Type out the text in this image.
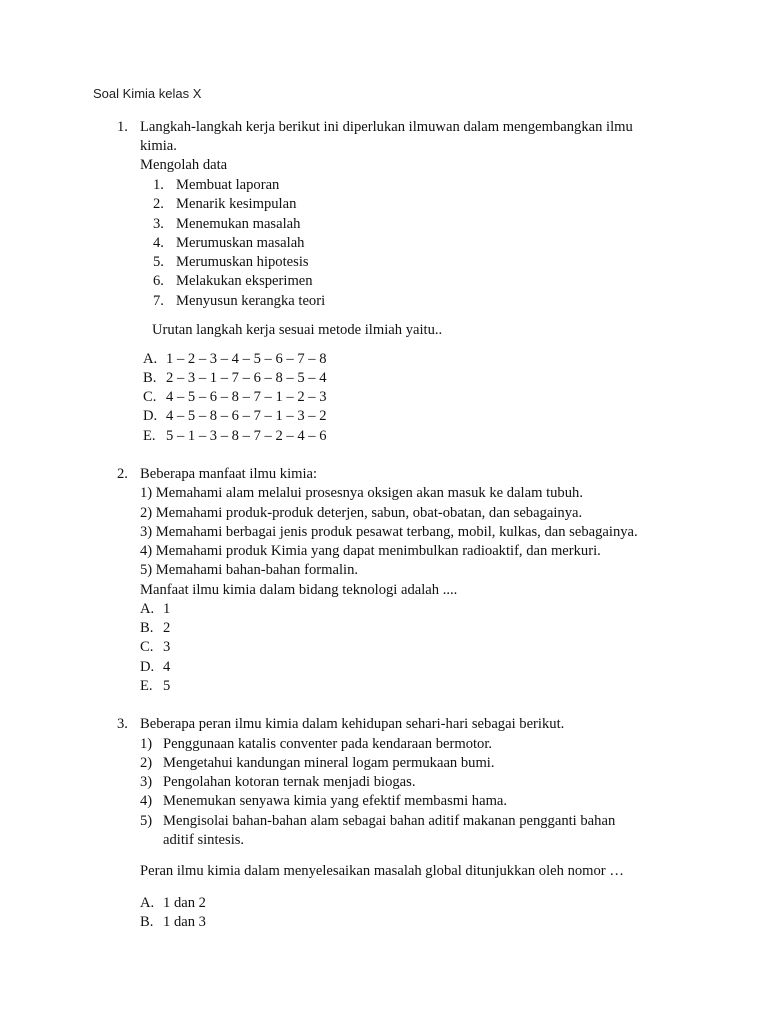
Soal Kimia kelas X
1. Langkah-langkah kerja berikut ini diperlukan ilmuwan dalam mengembangkan ilmu
kimia.
Mengolah data
1. Membuat laporan
2. Menarik kesimpulan
3. Menemukan masalah
4. Merumuskan masalah
5. Merumuskan hipotesis
6. Melakukan eksperimen
7. Menyusun kerangka teori
Urutan langkah kerja sesuai metode ilmiah yaitu..
A. 1 – 2 – 3 – 4 – 5 – 6 – 7 – 8
B. 2 – 3 – 1 – 7 – 6 – 8 – 5 – 4
C. 4 – 5 – 6 – 8 – 7 – 1 – 2 – 3
D. 4 – 5 – 8 – 6 – 7 – 1 – 3 – 2
E. 5 – 1 – 3 – 8 – 7 – 2 – 4 – 6
2. Beberapa manfaat ilmu kimia:
1) Memahami alam melalui prosesnya oksigen akan masuk ke dalam tubuh.
2) Memahami produk-produk deterjen, sabun, obat-obatan, dan sebagainya.
3) Memahami berbagai jenis produk pesawat terbang, mobil, kulkas, dan sebagainya.
4) Memahami produk Kimia yang dapat menimbulkan radioaktif, dan merkuri.
5) Memahami bahan-bahan formalin.
Manfaat ilmu kimia dalam bidang teknologi adalah ....
A. 1
B. 2
C. 3
D. 4
E. 5
3. Beberapa peran ilmu kimia dalam kehidupan sehari-hari sebagai berikut.
1) Penggunaan katalis conventer pada kendaraan bermotor.
2) Mengetahui kandungan mineral logam permukaan bumi.
3) Pengolahan kotoran ternak menjadi biogas.
4) Menemukan senyawa kimia yang efektif membasmi hama.
5) Mengisolai bahan-bahan alam sebagai bahan aditif makanan pengganti bahan
aditif sintesis.
Peran ilmu kimia dalam menyelesaikan masalah global ditunjukkan oleh nomor …
A. 1 dan 2
B. 1 dan 3
